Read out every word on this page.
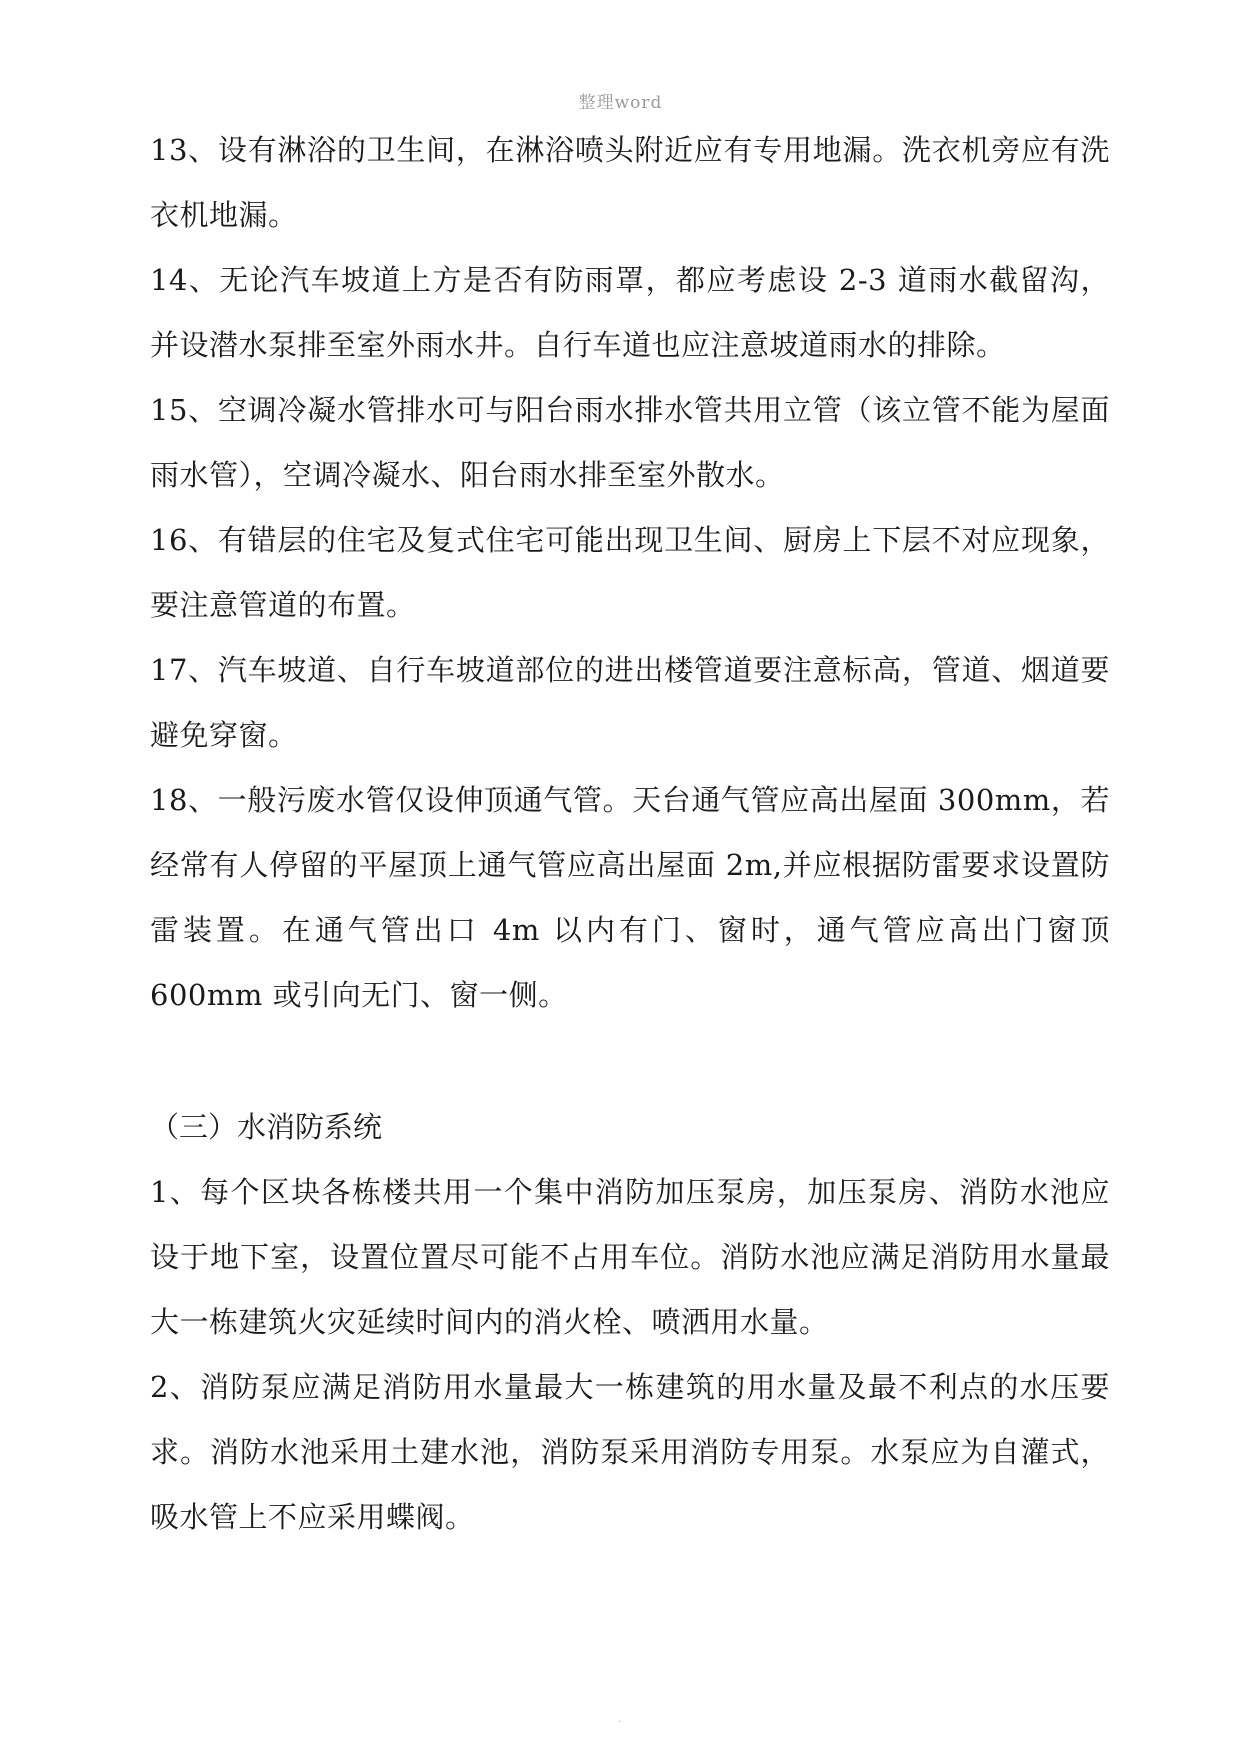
整理word

13、设有淋浴的卫生间，在淋浴喷头附近应有专用地漏。洗衣机旁应有洗衣机地漏。

14、无论汽车坡道上方是否有防雨罩，都应考虑设 2-3 道雨水截留沟，并设潜水泵排至室外雨水井。自行车道也应注意坡道雨水的排除。

15、空调冷凝水管排水可与阳台雨水排水管共用立管（该立管不能为屋面雨水管），空调冷凝水、阳台雨水排至室外散水。

16、有错层的住宅及复式住宅可能出现卫生间、厨房上下层不对应现象，要注意管道的布置。

17、汽车坡道、自行车坡道部位的进出楼管道要注意标高，管道、烟道要避免穿窗。

18、一般污废水管仅设伸顶通气管。天台通气管应高出屋面 300mm，若经常有人停留的平屋顶上通气管应高出屋面 2m,并应根据防雷要求设置防雷装置。在通气管出口 4m 以内有门、窗时，通气管应高出门窗顶 600mm 或引向无门、窗一侧。

（三）水消防系统

1、每个区块各栋楼共用一个集中消防加压泵房，加压泵房、消防水池应设于地下室，设置位置尽可能不占用车位。消防水池应满足消防用水量最大一栋建筑火灾延续时间内的消火栓、喷洒用水量。

2、消防泵应满足消防用水量最大一栋建筑的用水量及最不利点的水压要求。消防水池采用土建水池，消防泵采用消防专用泵。水泵应为自灌式，吸水管上不应采用蝶阀。

.
